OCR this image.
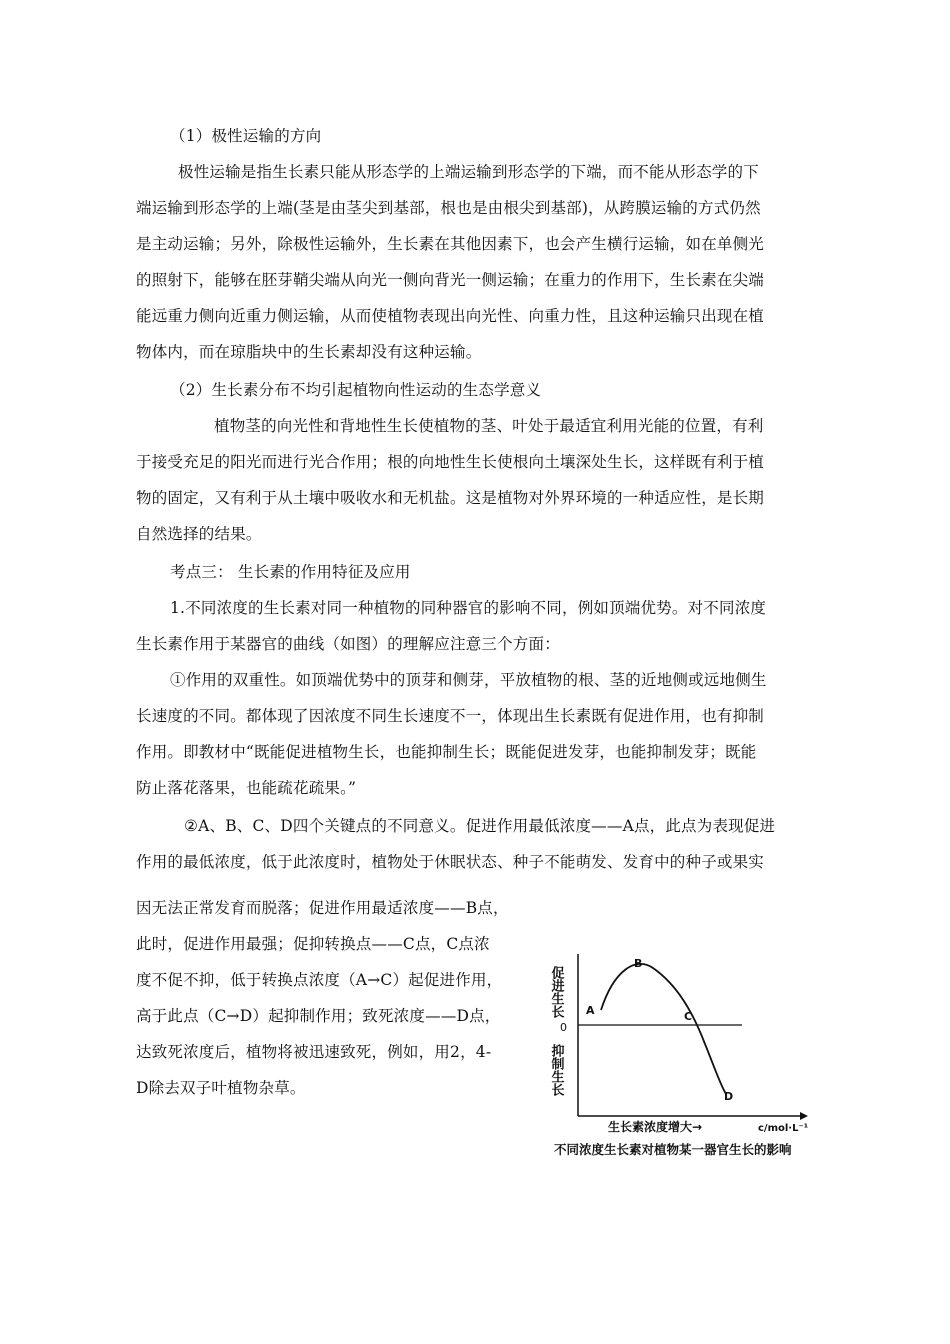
（1）极性运输的方向
极性运输是指生长素只能从形态学的上端运输到形态学的下端，而不能从形态学的下
端运输到形态学的上端(茎是由茎尖到基部，根也是由根尖到基部)，从跨膜运输的方式仍然
是主动运输；另外，除极性运输外，生长素在其他因素下，也会产生横行运输，如在单侧光
的照射下，能够在胚芽鞘尖端从向光一侧向背光一侧运输；在重力的作用下，生长素在尖端
能远重力侧向近重力侧运输，从而使植物表现出向光性、向重力性，且这种运输只出现在植
物体内，而在琼脂块中的生长素却没有这种运输。
（2）生长素分布不均引起植物向性运动的生态学意义
植物茎的向光性和背地性生长使植物的茎、叶处于最适宜利用光能的位置，有利
于接受充足的阳光而进行光合作用；根的向地性生长使根向土壤深处生长，这样既有利于植
物的固定，又有利于从土壤中吸收水和无机盐。这是植物对外界环境的一种适应性，是长期
自然选择的结果。
考点三： 生长素的作用特征及应用
1.不同浓度的生长素对同一种植物的同种器官的影响不同，例如顶端优势。对不同浓度
生长素作用于某器官的曲线（如图）的理解应注意三个方面：
①作用的双重性。如顶端优势中的顶芽和侧芽，平放植物的根、茎的近地侧或远地侧生
长速度的不同。都体现了因浓度不同生长速度不一，体现出生长素既有促进作用，也有抑制
作用。即教材中“既能促进植物生长，也能抑制生长；既能促进发芽，也能抑制发芽；既能
防止落花落果，也能疏花疏果。”
②A、B、C、D四个关键点的不同意义。促进作用最低浓度——A点，此点为表现促进
作用的最低浓度，低于此浓度时，植物处于休眠状态、种子不能萌发、发育中的种子或果实
因无法正常发育而脱落；促进作用最适浓度——B点，
此时，促进作用最强；促抑转换点——C点，C点浓
度不促不抑，低于转换点浓度（A→C）起促进作用，
高于此点（C→D）起抑制作用；致死浓度——D点，
达致死浓度后，植物将被迅速致死，例如，用2，4-
D除去双子叶植物杂草。
促进生长
抑制生长
0
A
B
C
D
生长素浓度增大→	c/mol·L⁻¹
不同浓度生长素对植物某一器官生长的影响
